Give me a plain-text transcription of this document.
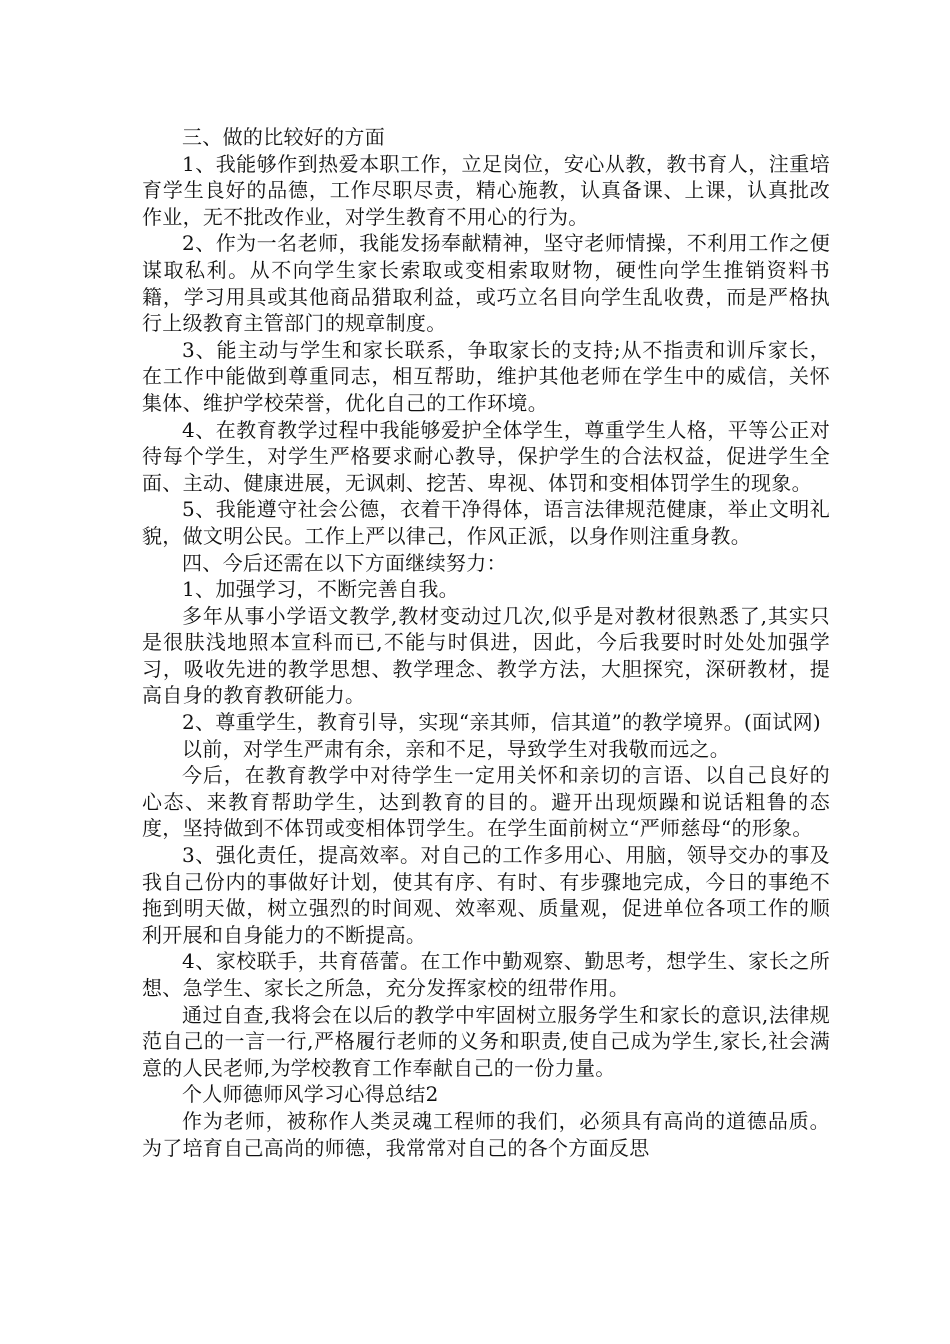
三、做的比较好的方面

1、我能够作到热爱本职工作，立足岗位，安心从教，教书育人，注重培育学生良好的品德，工作尽职尽责，精心施教，认真备课、上课，认真批改作业，无不批改作业，对学生教育不用心的行为。

2、作为一名老师，我能发扬奉献精神，坚守老师情操，不利用工作之便谋取私利。从不向学生家长索取或变相索取财物，硬性向学生推销资料书籍，学习用具或其他商品猎取利益，或巧立名目向学生乱收费，而是严格执行上级教育主管部门的规章制度。

3、能主动与学生和家长联系，争取家长的支持;从不指责和训斥家长，在工作中能做到尊重同志，相互帮助，维护其他老师在学生中的威信，关怀集体、维护学校荣誉，优化自己的工作环境。

4、在教育教学过程中我能够爱护全体学生，尊重学生人格，平等公正对待每个学生，对学生严格要求耐心教导，保护学生的合法权益，促进学生全面、主动、健康进展，无讽刺、挖苦、卑视、体罚和变相体罚学生的现象。

5、我能遵守社会公德，衣着干净得体，语言法律规范健康，举止文明礼貌，做文明公民。工作上严以律己，作风正派，以身作则注重身教。

四、今后还需在以下方面继续努力：

1、加强学习，不断完善自我。

多年从事小学语文教学,教材变动过几次,似乎是对教材很熟悉了,其实只是很肤浅地照本宣科而已,不能与时俱进，因此，今后我要时时处处加强学习，吸收先进的教学思想、教学理念、教学方法，大胆探究，深研教材，提高自身的教育教研能力。

2、尊重学生，教育引导，实现“亲其师，信其道”的教学境界。(面试网)

以前，对学生严肃有余，亲和不足，导致学生对我敬而远之。

今后，在教育教学中对待学生一定用关怀和亲切的言语、以自己良好的心态、来教育帮助学生，达到教育的目的。避开出现烦躁和说话粗鲁的态度，坚持做到不体罚或变相体罚学生。在学生面前树立“严师慈母“的形象。

3、强化责任，提高效率。对自己的工作多用心、用脑，领导交办的事及我自己份内的事做好计划，使其有序、有时、有步骤地完成，今日的事绝不拖到明天做，树立强烈的时间观、效率观、质量观，促进单位各项工作的顺利开展和自身能力的不断提高。

4、家校联手，共育蓓蕾。在工作中勤观察、勤思考，想学生、家长之所想、急学生、家长之所急，充分发挥家校的纽带作用。

通过自查,我将会在以后的教学中牢固树立服务学生和家长的意识,法律规范自己的一言一行,严格履行老师的义务和职责,使自己成为学生,家长,社会满意的人民老师,为学校教育工作奉献自己的一份力量。

个人师德师风学习心得总结2

作为老师，被称作人类灵魂工程师的我们，必须具有高尚的道德品质。为了培育自己高尚的师德，我常常对自己的各个方面反思
